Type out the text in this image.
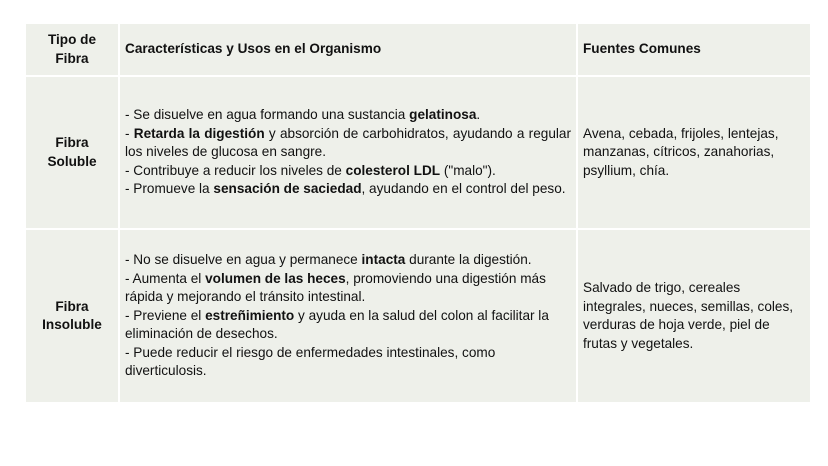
Tipo de Fibra	Características y Usos en el Organismo	Fuentes Comunes
Fibra Soluble	- Se disuelve en agua formando una sustancia gelatinosa.
- Retarda la digestión y absorción de carbohidratos, ayudando a regular los niveles de glucosa en sangre.
- Contribuye a reducir los niveles de colesterol LDL ("malo").
- Promueve la sensación de saciedad, ayudando en el control del peso.	Avena, cebada, frijoles, lentejas, manzanas, cítricos, zanahorias, psyllium, chía.
Fibra Insoluble	- No se disuelve en agua y permanece intacta durante la digestión.
- Aumenta el volumen de las heces, promoviendo una digestión más rápida y mejorando el tránsito intestinal.
- Previene el estreñimiento y ayuda en la salud del colon al facilitar la eliminación de desechos.
- Puede reducir el riesgo de enfermedades intestinales, como diverticulosis.	Salvado de trigo, cereales integrales, nueces, semillas, coles, verduras de hoja verde, piel de frutas y vegetales.
